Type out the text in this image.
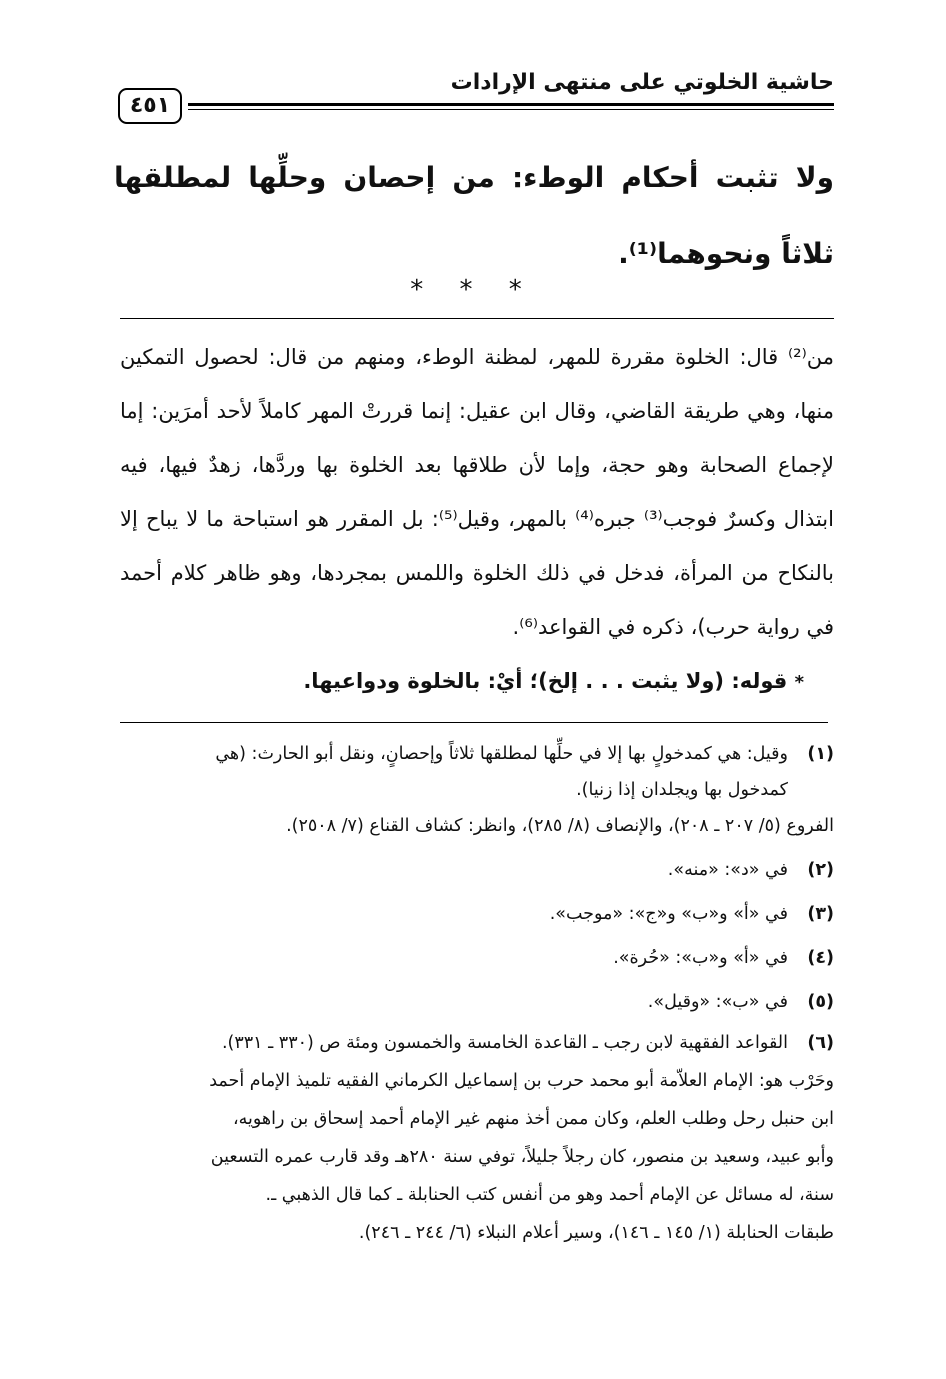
حاشية الخلوتي على منتهى الإرادات
٤٥١
ولا تثبت أحكام الوطء: من إحصان وحلِّها لمطلقها ثلاثاً ونحوهما⁽¹⁾.
* * *

من⁽²⁾ قال: الخلوة مقررة للمهر، لمظنة الوطء، ومنهم من قال: لحصول التمكين منها، وهي طريقة القاضي، وقال ابن عقيل: إنما قررتْ المهر كاملاً لأحد أمرَين: إما لإجماع الصحابة وهو حجة، وإما لأن طلاقها بعد الخلوة بها وردَّها، زهدٌ فيها، فيه ابتذال وكسرٌ فوجب⁽³⁾ جبره⁽⁴⁾ بالمهر، وقيل⁽⁵⁾: بل المقرر هو استباحة ما لا يباح إلا بالنكاح من المرأة، فدخل في ذلك الخلوة واللمس بمجردها، وهو ظاهر كلام أحمد في رواية حرب)، ذكره في القواعد⁽⁶⁾.

* قوله: (ولا يثبت . . . إلخ)؛ أيْ: بالخلوة ودواعيها.

(١)
وقيل: هي كمدخولٍ بها إلا في حلِّها لمطلقها ثلاثاً وإحصانٍ، ونقل أبو الحارث: (هي
كمدخول بها ويجلدان إذا زنيا).
الفروع (٥/ ٢٠٧ ـ ٢٠٨)، والإنصاف (٨/ ٢٨٥)، وانظر: كشاف القناع (٧/ ٢٥٠٨).
(٢)
في «د»: «منه».
(٣)
في «أ» و«ب» و«ج»: «موجب».
(٤)
في «أ» و«ب»: «حُرة».
(٥)
في «ب»: «وقيل».
(٦)
القواعد الفقهية لابن رجب ـ القاعدة الخامسة والخمسون ومئة ص (٣٣٠ ـ ٣٣١).
وحَرْب هو: الإمام العلاّمة أبو محمد حرب بن إسماعيل الكرماني الفقيه تلميذ الإمام أحمد
ابن حنبل رحل وطلب العلم، وكان ممن أخذ منهم غير الإمام أحمد إسحاق بن راهويه،
وأبو عبيد، وسعيد بن منصور، كان رجلاً جليلاً، توفي سنة ٢٨٠هـ وقد قارب عمره التسعين
سنة، له مسائل عن الإمام أحمد وهو من أنفس كتب الحنابلة ـ كما قال الذهبي ـ.
طبقات الحنابلة (١/ ١٤٥ ـ ١٤٦)، وسير أعلام النبلاء (٦/ ٢٤٤ ـ ٢٤٦).
